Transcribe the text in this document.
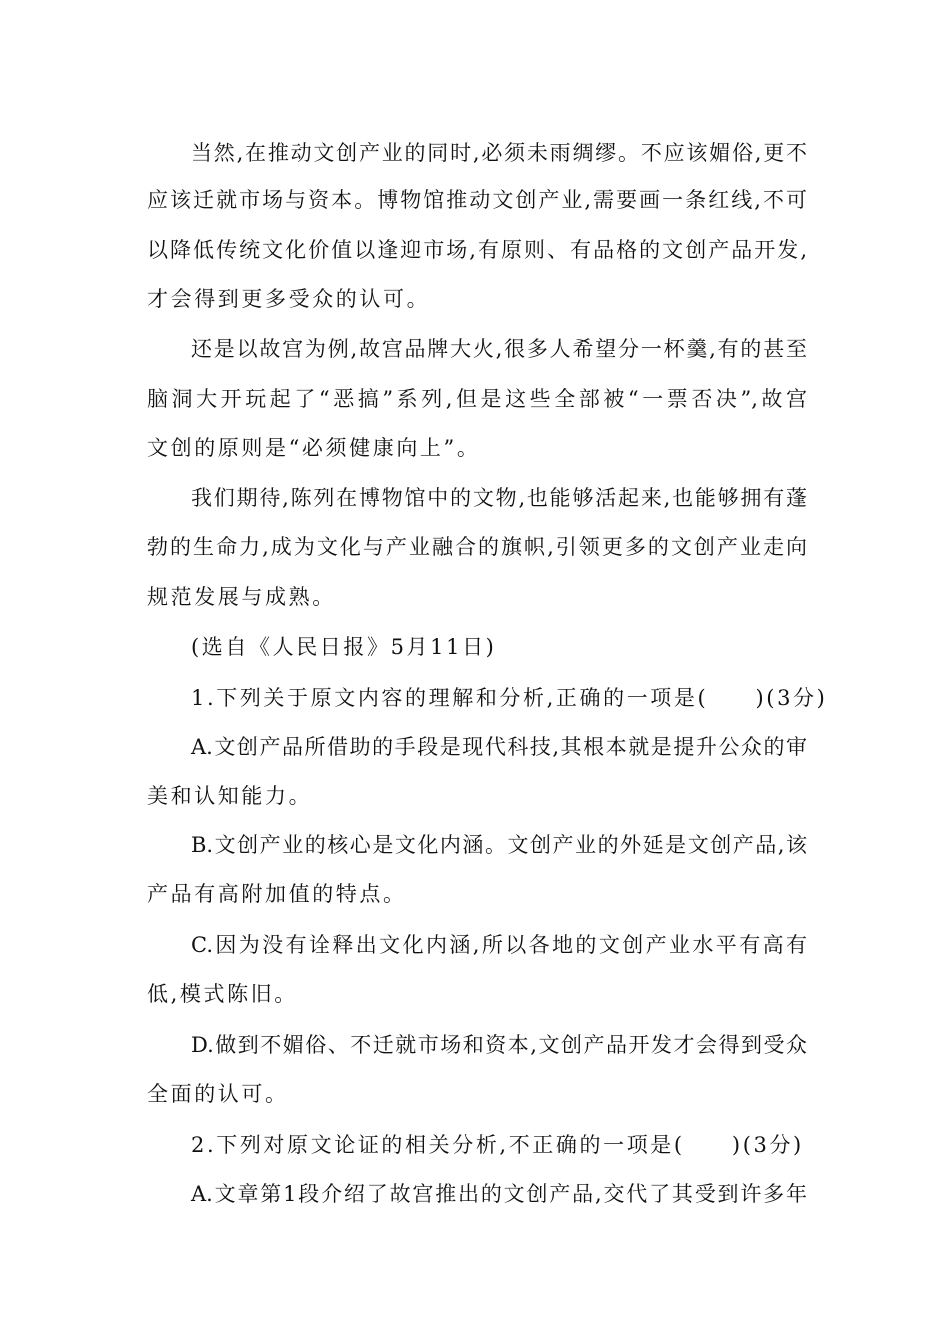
当然,在推动文创产业的同时,必须未雨绸缪。不应该媚俗,更不
应该迁就市场与资本。博物馆推动文创产业,需要画一条红线,不可
以降低传统文化价值以逢迎市场,有原则、有品格的文创产品开发,
才会得到更多受众的认可。
还是以故宫为例,故宫品牌大火,很多人希望分一杯羹,有的甚至
脑洞大开玩起了“恶搞”系列,但是这些全部被“一票否决”,故宫
文创的原则是“必须健康向上”。
我们期待,陈列在博物馆中的文物,也能够活起来,也能够拥有蓬
勃的生命力,成为文化与产业融合的旗帜,引领更多的文创产业走向
规范发展与成熟。
(选自《人民日报》5月11日)
1.下列关于原文内容的理解和分析,正确的一项是(　　)(3分)
A.文创产品所借助的手段是现代科技,其根本就是提升公众的审
美和认知能力。
B.文创产业的核心是文化内涵。文创产业的外延是文创产品,该
产品有高附加值的特点。
C.因为没有诠释出文化内涵,所以各地的文创产业水平有高有
低,模式陈旧。
D.做到不媚俗、不迁就市场和资本,文创产品开发才会得到受众
全面的认可。
2.下列对原文论证的相关分析,不正确的一项是(　　)(3分)
A.文章第1段介绍了故宫推出的文创产品,交代了其受到许多年
